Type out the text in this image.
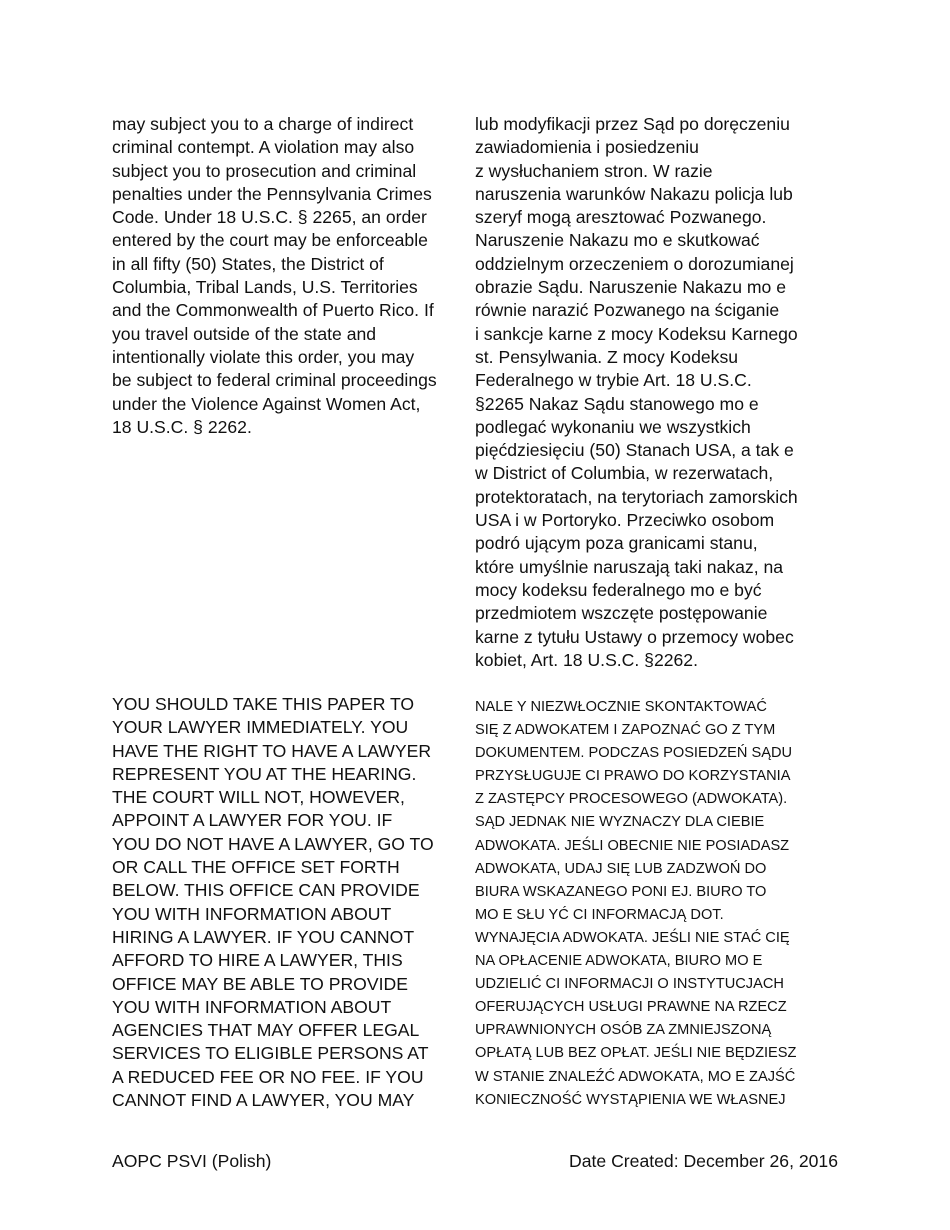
may subject you to a charge of indirect
criminal contempt. A violation may also
subject you to prosecution and criminal
penalties under the Pennsylvania Crimes
Code. Under 18 U.S.C. § 2265, an order
entered by the court may be enforceable
in all fifty (50) States, the District of
Columbia, Tribal Lands, U.S. Territories
and the Commonwealth of Puerto Rico. If
you travel outside of the state and
intentionally violate this order, you may
be subject to federal criminal proceedings
under the Violence Against Women Act,
18 U.S.C. § 2262.

lub modyfikacji przez Sąd po doręczeniu
zawiadomienia i posiedzeniu
z wysłuchaniem stron. W razie
naruszenia warunków Nakazu policja lub
szeryf mogą aresztować Pozwanego.
Naruszenie Nakazu mo e skutkować
oddzielnym orzeczeniem o dorozumianej
obrazie Sądu. Naruszenie Nakazu mo e
równie narazić Pozwanego na ściganie
i sankcje karne z mocy Kodeksu Karnego
st. Pensylwania. Z mocy Kodeksu
Federalnego w trybie Art. 18 U.S.C.
§2265 Nakaz Sądu stanowego mo e
podlegać wykonaniu we wszystkich
pięćdziesięciu (50) Stanach USA, a tak e
w District of Columbia, w rezerwatach,
protektoratach, na terytoriach zamorskich
USA i w Portoryko. Przeciwko osobom
podró ującym poza granicami stanu,
które umyślnie naruszają taki nakaz, na
mocy kodeksu federalnego mo e być
przedmiotem wszczęte postępowanie
karne z tytułu Ustawy o przemocy wobec
kobiet, Art. 18 U.S.C. §2262.

YOU SHOULD TAKE THIS PAPER TO
YOUR LAWYER IMMEDIATELY. YOU
HAVE THE RIGHT TO HAVE A LAWYER
REPRESENT YOU AT THE HEARING.
THE COURT WILL NOT, HOWEVER,
APPOINT A LAWYER FOR YOU. IF
YOU DO NOT HAVE A LAWYER, GO TO
OR CALL THE OFFICE SET FORTH
BELOW. THIS OFFICE CAN PROVIDE
YOU WITH INFORMATION ABOUT
HIRING A LAWYER. IF YOU CANNOT
AFFORD TO HIRE A LAWYER, THIS
OFFICE MAY BE ABLE TO PROVIDE
YOU WITH INFORMATION ABOUT
AGENCIES THAT MAY OFFER LEGAL
SERVICES TO ELIGIBLE PERSONS AT
A REDUCED FEE OR NO FEE. IF YOU
CANNOT FIND A LAWYER, YOU MAY

NALE Y NIEZWŁOCZNIE SKONTAKTOWAĆ
SIĘ Z ADWOKATEM I ZAPOZNAĆ GO Z TYM
DOKUMENTEM. PODCZAS POSIEDZEŃ SĄDU
PRZYSŁUGUJE CI PRAWO DO KORZYSTANIA
Z ZASTĘPCY PROCESOWEGO (ADWOKATA).
SĄD JEDNAK NIE WYZNACZY DLA CIEBIE
ADWOKATA. JEŚLI OBECNIE NIE POSIADASZ
ADWOKATA, UDAJ SIĘ LUB ZADZWOŃ DO
BIURA WSKAZANEGO PONI EJ. BIURO TO
MO E SŁU YĆ CI INFORMACJĄ DOT.
WYNAJĘCIA ADWOKATA. JEŚLI NIE STAĆ CIĘ
NA OPŁACENIE ADWOKATA, BIURO MO E
UDZIELIĆ CI INFORMACJI O INSTYTUCJACH
OFERUJĄCYCH USŁUGI PRAWNE NA RZECZ
UPRAWNIONYCH OSÓB ZA ZMNIEJSZONĄ
OPŁATĄ LUB BEZ OPŁAT. JEŚLI NIE BĘDZIESZ
W STANIE ZNALEŹĆ ADWOKATA, MO E ZAJŚĆ
KONIECZNOŚĆ WYSTĄPIENIA WE WŁASNEJ

AOPC PSVI (Polish)	Date Created: December 26, 2016
